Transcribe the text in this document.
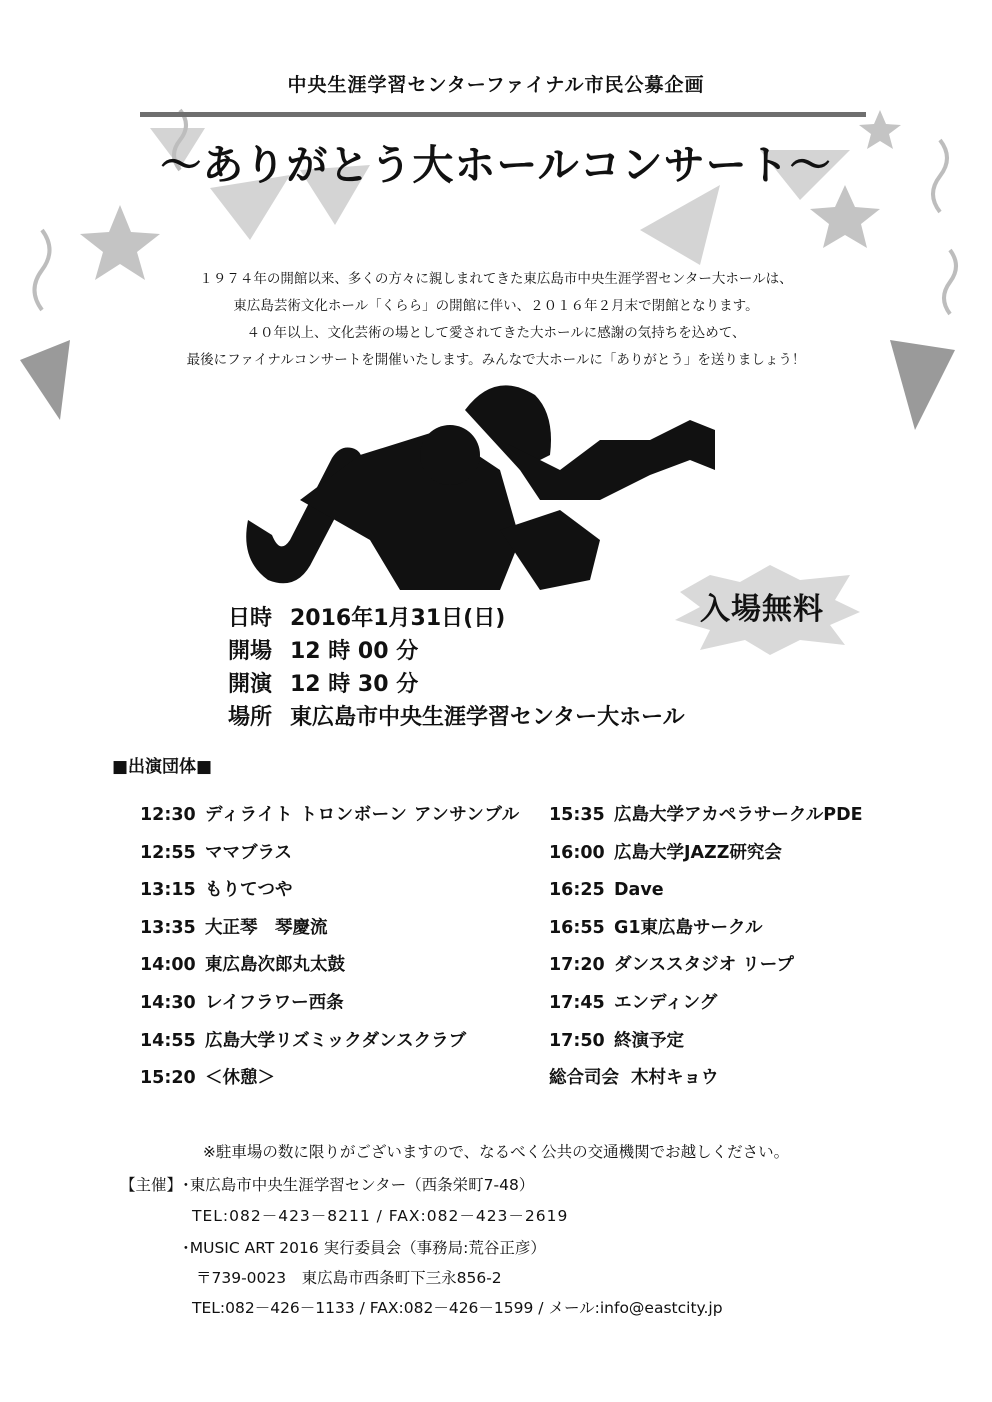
中央生涯学習センターファイナル市民公募企画
～ありがとう大ホールコンサート～
１９７４年の開館以来、多くの方々に親しまれてきた東広島市中央生涯学習センター大ホールは、
東広島芸術文化ホール「くらら」の開館に伴い、２０１６年２月末で閉館となります。
４０年以上、文化芸術の場として愛されてきた大ホールに感謝の気持ちを込めて、
最後にファイナルコンサートを開催いたします。みんなで大ホールに「ありがとう」を送りましょう！
入場無料
日時 2016年1月31日(日)
開場 12 時 00 分
開演 12 時 30 分
場所 東広島市中央生涯学習センター大ホール
■出演団体■
12:30 ディライト トロンボーン アンサンブル
12:55 ママブラス
13:15 もりてつや
13:35 大正琴　琴慶流
14:00 東広島次郎丸太鼓
14:30 レイフラワー西条
14:55 広島大学リズミックダンスクラブ
15:20 ＜休憩＞
15:35 広島大学アカペラサークルPDE
16:00 広島大学JAZZ研究会
16:25 Dave
16:55 G1東広島サークル
17:20 ダンススタジオ リープ
17:45 エンディング
17:50 終演予定
総合司会 木村キョウ
※駐車場の数に限りがございますので、なるべく公共の交通機関でお越しください。
【主催】･東広島市中央生涯学習センター（西条栄町7-48）
TEL:082－423－8211 / FAX:082－423－2619
･MUSIC ART 2016 実行委員会（事務局:荒谷正彦）
〒739-0023　東広島市西条町下三永856-2
TEL:082－426－1133 / FAX:082－426－1599 / メール:info@eastcity.jp
